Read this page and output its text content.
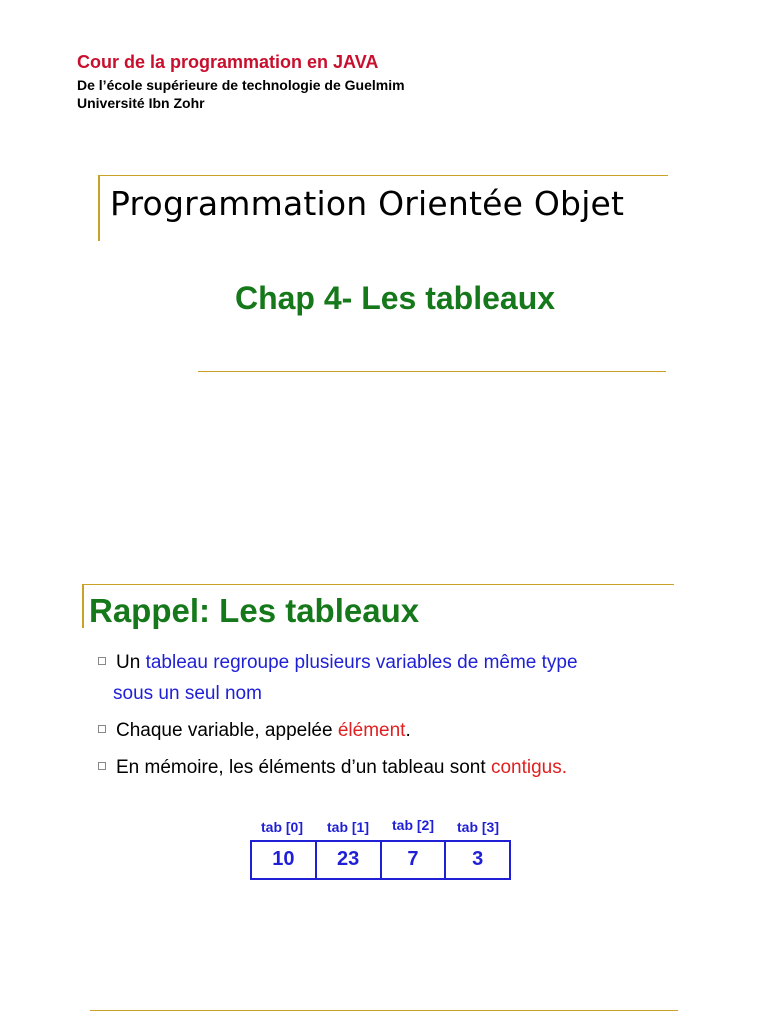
Cour de la programmation en JAVA
De l’école supérieure de technologie de Guelmim
Université Ibn Zohr
Programmation Orientée Objet
Chap 4- Les tableaux
Rappel: Les tableaux
Un tableau regroupe plusieurs variables de même type
sous un seul nom
Chaque variable, appelée élément.
En mémoire, les éléments d’un tableau sont contigus.
tab [0]	tab [1]	tab [2]	tab [3]
10	23	7	3
